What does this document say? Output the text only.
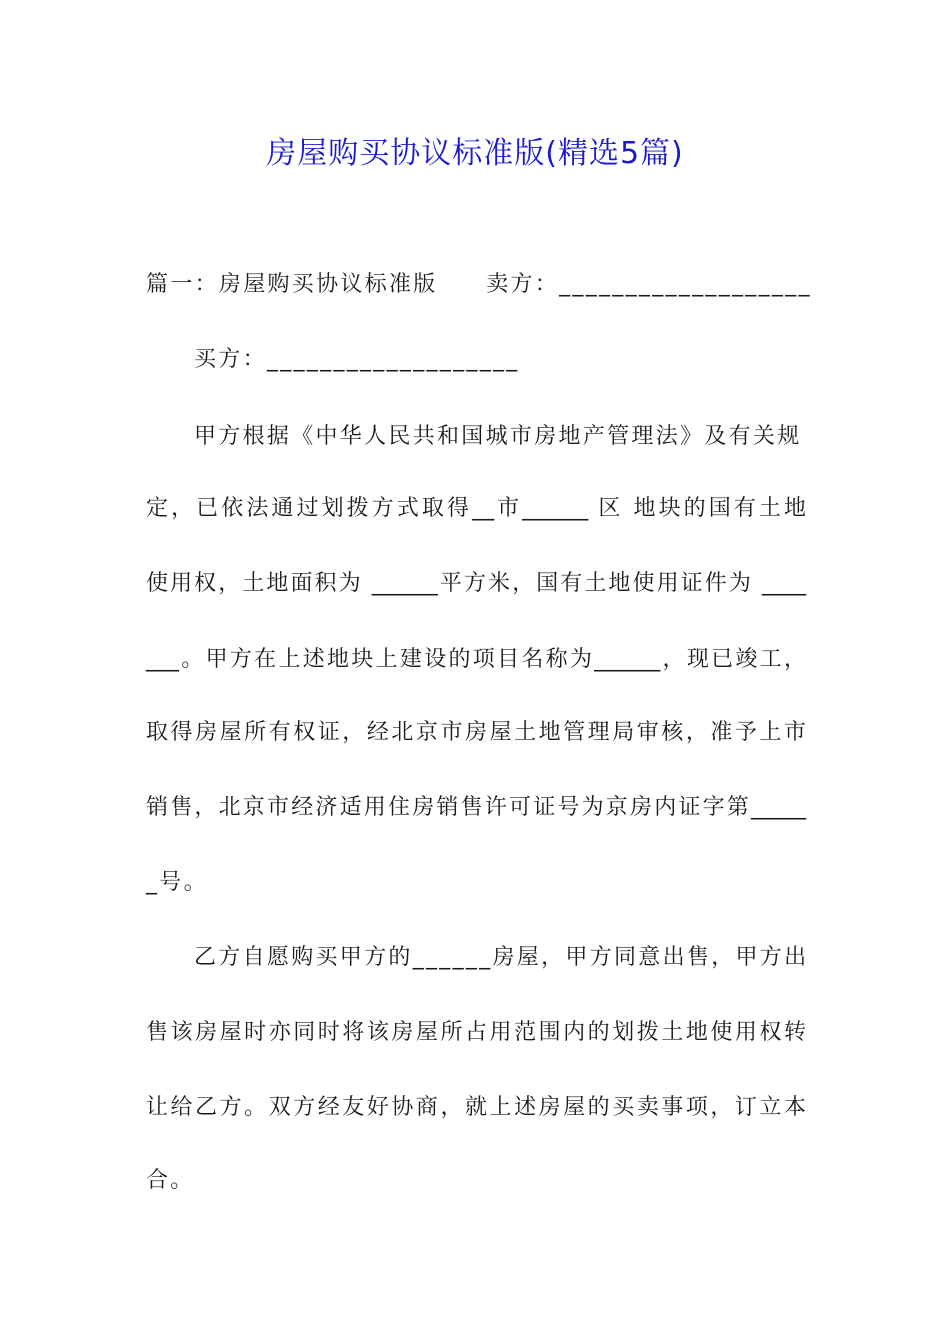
房屋购买协议标准版(精选5篇)
篇一：房屋购买协议标准版　　卖方：___________________
买方：___________________
甲方根据《中华人民共和国城市房地产管理法》及有关规
定，已依法通过划拨方式取得__市______ 区 地块的国有土地
使用权，土地面积为 ______平方米，国有土地使用证件为 ____
___。甲方在上述地块上建设的项目名称为______，现已竣工，
取得房屋所有权证，经北京市房屋土地管理局审核，准予上市
销售，北京市经济适用住房销售许可证号为京房内证字第_____
_号。
乙方自愿购买甲方的______房屋，甲方同意出售，甲方出
售该房屋时亦同时将该房屋所占用范围内的划拨土地使用权转
让给乙方。双方经友好协商，就上述房屋的买卖事项，订立本
合。
